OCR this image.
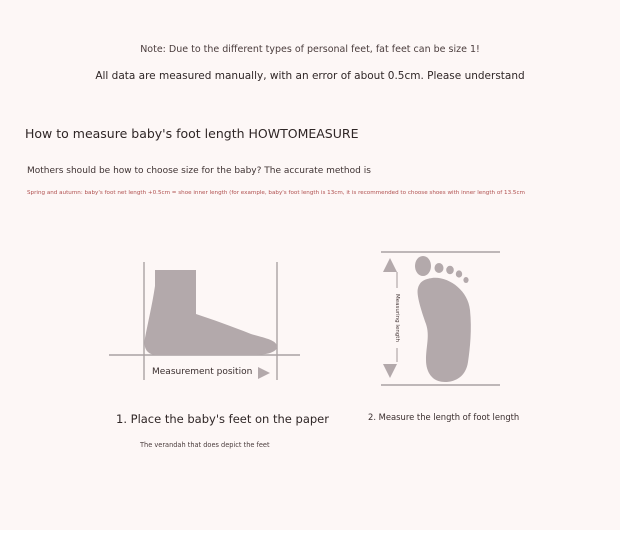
Note: Due to the different types of personal feet, fat feet can be size 1!
All data are measured manually, with an error of about 0.5cm. Please understand
How to measure baby's foot length HOWTOMEASURE
Mothers should be how to choose size for the baby? The accurate method is
Spring and autumn: baby's foot net length +0.5cm = shoe inner length (for example, baby's foot length is 13cm, it is recommended to choose shoes with inner length of 13.5cm
Measurement position
1. Place the baby's feet on the paper
The verandah that does depict the feet
Measuring length
2. Measure the length of foot length
